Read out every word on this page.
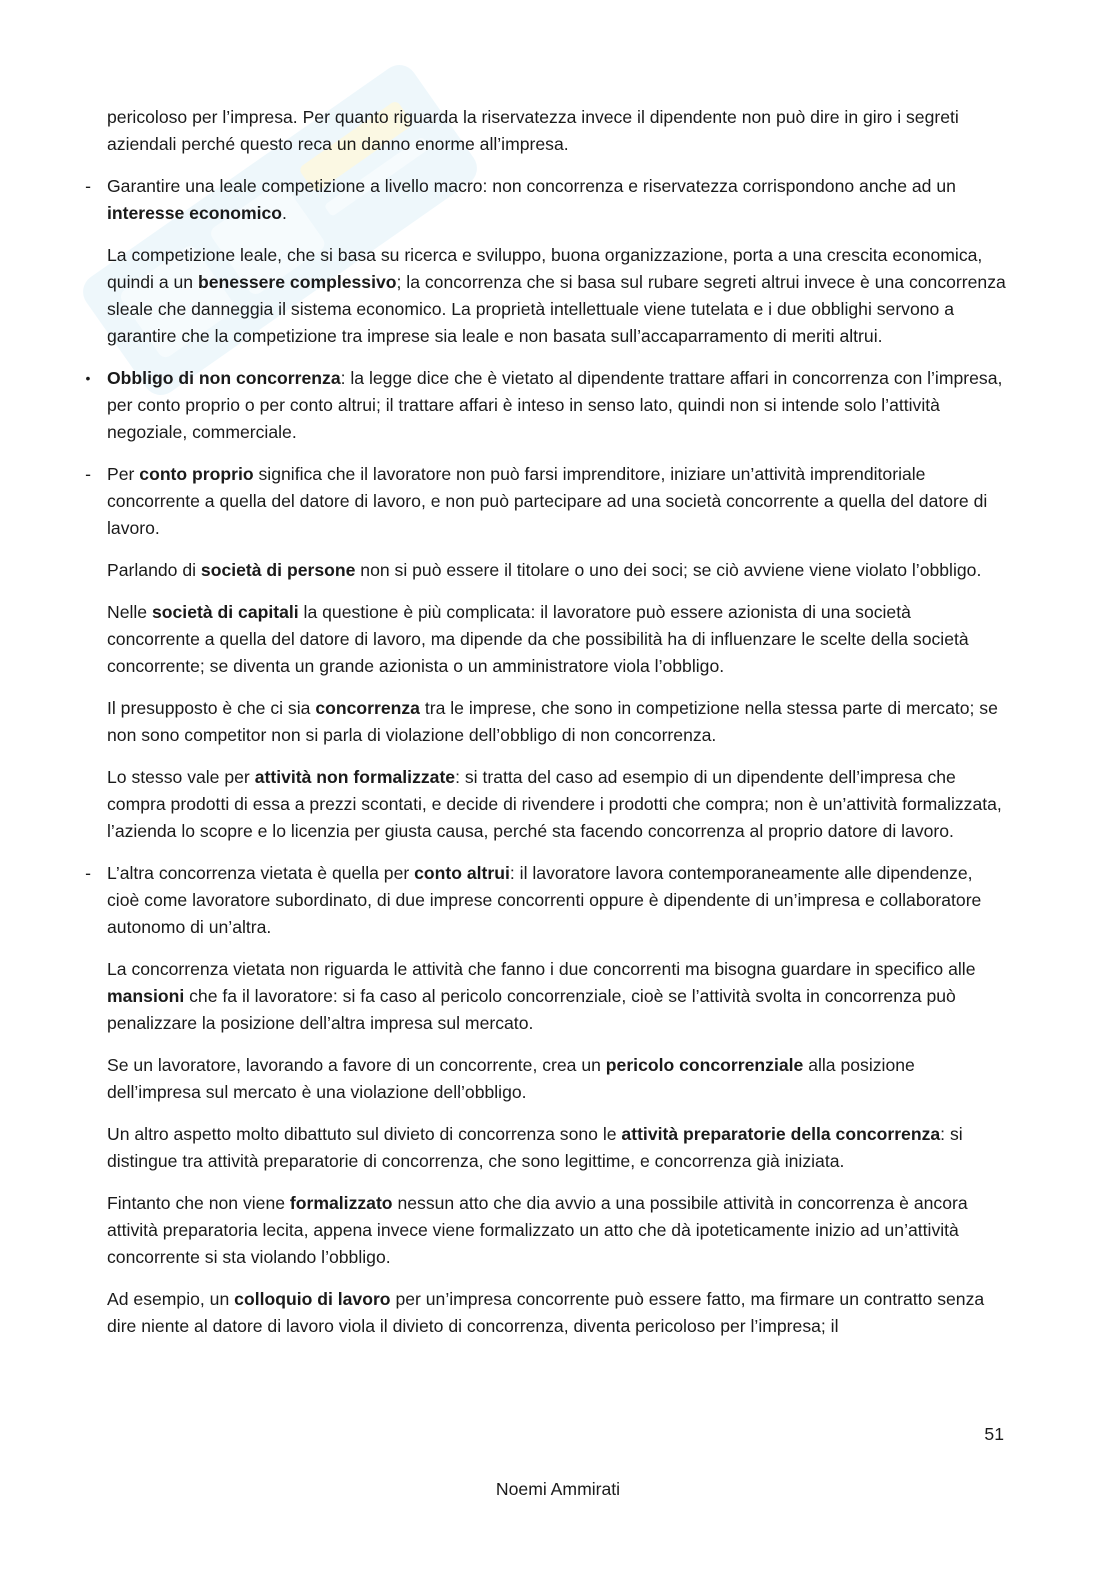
pericoloso per l’impresa. Per quanto riguarda la riservatezza invece il dipendente non può dire in giro i segreti aziendali perché questo reca un danno enorme all’impresa.
- Garantire una leale competizione a livello macro: non concorrenza e riservatezza corrispondono anche ad un interesse economico.
La competizione leale, che si basa su ricerca e sviluppo, buona organizzazione, porta a una crescita economica, quindi a un benessere complessivo; la concorrenza che si basa sul rubare segreti altrui invece è una concorrenza sleale che danneggia il sistema economico. La proprietà intellettuale viene tutelata e i due obblighi servono a garantire che la competizione tra imprese sia leale e non basata sull’accaparramento di meriti altrui.
• Obbligo di non concorrenza: la legge dice che è vietato al dipendente trattare affari in concorrenza con l’impresa, per conto proprio o per conto altrui; il trattare affari è inteso in senso lato, quindi non si intende solo l’attività negoziale, commerciale.
- Per conto proprio significa che il lavoratore non può farsi imprenditore, iniziare un’attività imprenditoriale concorrente a quella del datore di lavoro, e non può partecipare ad una società concorrente a quella del datore di lavoro.
Parlando di società di persone non si può essere il titolare o uno dei soci; se ciò avviene viene violato l’obbligo.
Nelle società di capitali la questione è più complicata: il lavoratore può essere azionista di una società concorrente a quella del datore di lavoro, ma dipende da che possibilità ha di influenzare le scelte della società concorrente; se diventa un grande azionista o un amministratore viola l’obbligo.
Il presupposto è che ci sia concorrenza tra le imprese, che sono in competizione nella stessa parte di mercato; se non sono competitor non si parla di violazione dell’obbligo di non concorrenza.
Lo stesso vale per attività non formalizzate: si tratta del caso ad esempio di un dipendente dell’impresa che compra prodotti di essa a prezzi scontati, e decide di rivendere i prodotti che compra; non è un’attività formalizzata, l’azienda lo scopre e lo licenzia per giusta causa, perché sta facendo concorrenza al proprio datore di lavoro.
- L’altra concorrenza vietata è quella per conto altrui: il lavoratore lavora contemporaneamente alle dipendenze, cioè come lavoratore subordinato, di due imprese concorrenti oppure è dipendente di un’impresa e collaboratore autonomo di un’altra.
La concorrenza vietata non riguarda le attività che fanno i due concorrenti ma bisogna guardare in specifico alle mansioni che fa il lavoratore: si fa caso al pericolo concorrenziale, cioè se l’attività svolta in concorrenza può penalizzare la posizione dell’altra impresa sul mercato.
Se un lavoratore, lavorando a favore di un concorrente, crea un pericolo concorrenziale alla posizione dell’impresa sul mercato è una violazione dell’obbligo.
Un altro aspetto molto dibattuto sul divieto di concorrenza sono le attività preparatorie della concorrenza: si distingue tra attività preparatorie di concorrenza, che sono legittime, e concorrenza già iniziata.
Fintanto che non viene formalizzato nessun atto che dia avvio a una possibile attività in concorrenza è ancora attività preparatoria lecita, appena invece viene formalizzato un atto che dà ipoteticamente inizio ad un’attività concorrente si sta violando l’obbligo.
Ad esempio, un colloquio di lavoro per un’impresa concorrente può essere fatto, ma firmare un contratto senza dire niente al datore di lavoro viola il divieto di concorrenza, diventa pericoloso per l’impresa; il
51
Noemi Ammirati
